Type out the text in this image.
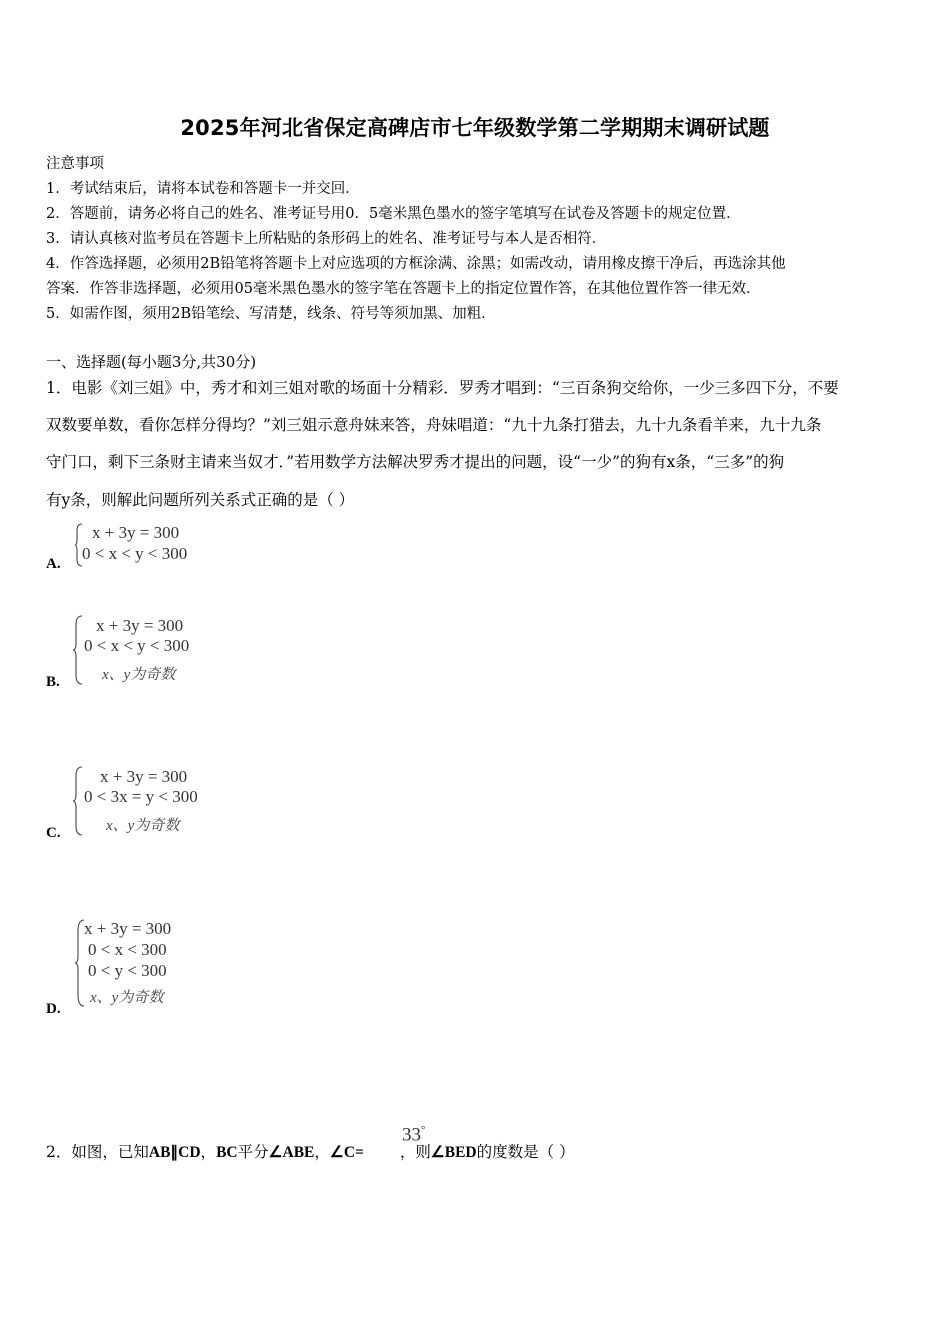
2025年河北省保定高碑店市七年级数学第二学期期末调研试题
注意事项
1．考试结束后，请将本试卷和答题卡一并交回．
2．答题前，请务必将自己的姓名、准考证号用0．5毫米黑色墨水的签字笔填写在试卷及答题卡的规定位置．
3．请认真核对监考员在答题卡上所粘贴的条形码上的姓名、准考证号与本人是否相符．
4．作答选择题，必须用2B铅笔将答题卡上对应选项的方框涂满、涂黑；如需改动，请用橡皮擦干净后，再选涂其他
答案．作答非选择题，必须用05毫米黑色墨水的签字笔在答题卡上的指定位置作答，在其他位置作答一律无效．
5．如需作图，须用2B铅笔绘、写清楚，线条、符号等须加黑、加粗．
一、选择题(每小题3分,共30分)
1．电影《刘三姐》中，秀才和刘三姐对歌的场面十分精彩．罗秀才唱到：“三百条狗交给你，一少三多四下分，不要
双数要单数，看你怎样分得均？”刘三姐示意舟妹来答，舟妹唱道：“九十九条打猎去，九十九条看羊来，九十九条
守门口，剩下三条财主请来当奴才．”若用数学方法解决罗秀才提出的问题，设“一少”的狗有x条，“三多”的狗
有y条，则解此问题所列关系式正确的是（ ）
A.
x + 3y = 300
0 < x < y < 300
B.
x + 3y = 300
0 < x < y < 300
x、y为奇数
C.
x + 3y = 300
0 < 3x = y < 300
x、y为奇数
D.
x + 3y = 300
0 < x < 300
0 < y < 300
x、y为奇数
2．如图，已知AB∥CD，BC平分∠ABE，∠C= ，则∠BED的度数是（ ）
33°
